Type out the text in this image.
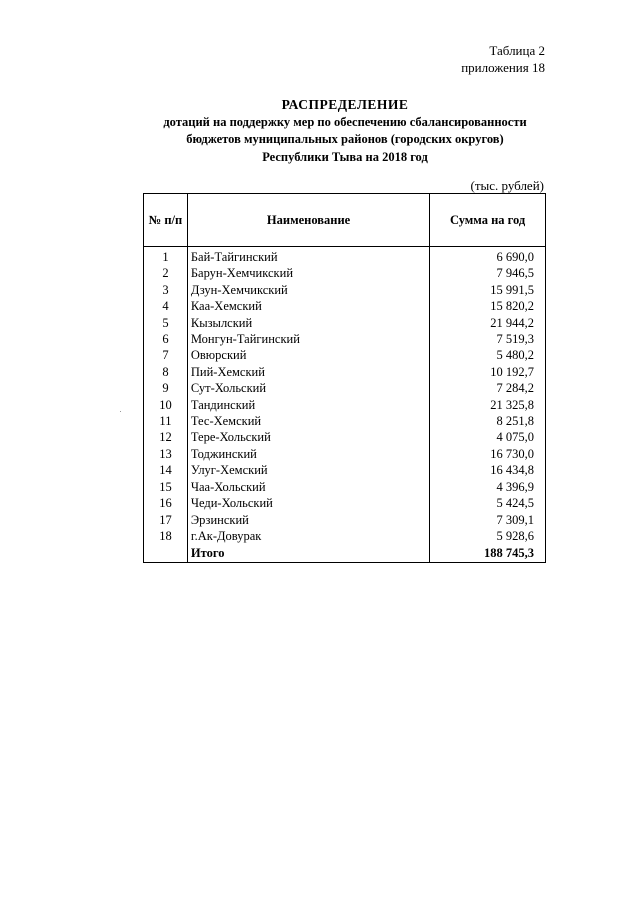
Таблица 2
приложения 18
РАСПРЕДЕЛЕНИЕ
дотаций на поддержку мер по обеспечению сбалансированности
бюджетов муниципальных районов (городских округов)
Республики Тыва на 2018 год
(тыс. рублей)
№ п/п	Наименование	Сумма на год
1	Бай-Тайгинский	6 690,0
2	Барун-Хемчикский	7 946,5
3	Дзун-Хемчикский	15 991,5
4	Каа-Хемский	15 820,2
5	Кызылский	21 944,2
6	Монгун-Тайгинский	7 519,3
7	Овюрский	5 480,2
8	Пий-Хемский	10 192,7
9	Сут-Хольский	7 284,2
10	Тандинский	21 325,8
11	Тес-Хемский	8 251,8
12	Тере-Хольский	4 075,0
13	Тоджинский	16 730,0
14	Улуг-Хемский	16 434,8
15	Чаа-Хольский	4 396,9
16	Чеди-Хольский	5 424,5
17	Эрзинский	7 309,1
18	г.Ак-Довурак	5 928,6
	Итого	188 745,3
